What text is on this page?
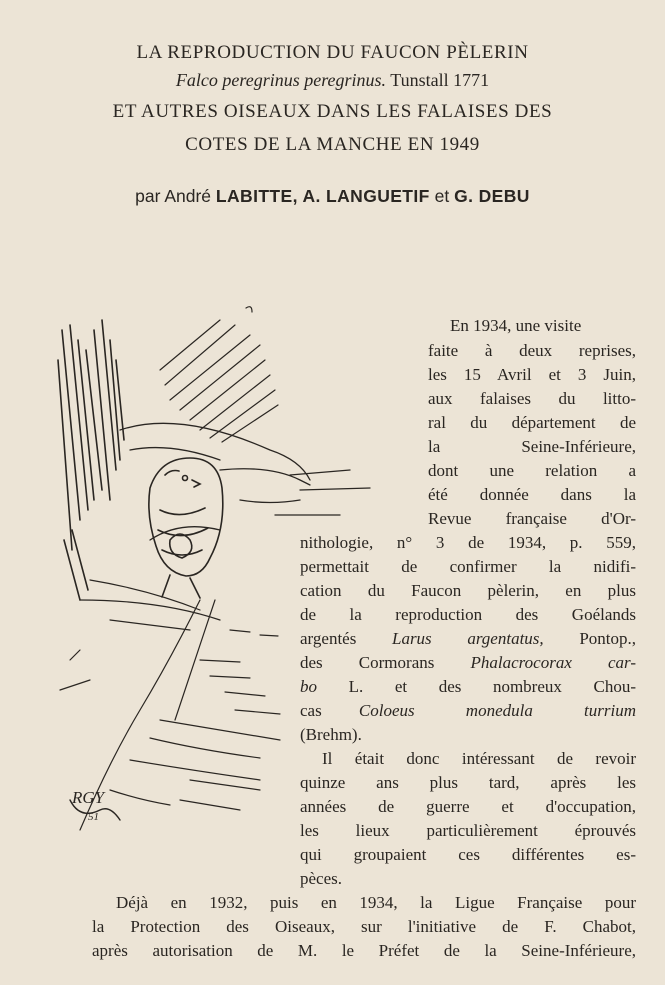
LA REPRODUCTION DU FAUCON PÈLERIN
Falco peregrinus peregrinus. Tunstall 1771
ET AUTRES OISEAUX DANS LES FALAISES DES
COTES DE LA MANCHE EN 1949
par André LABITTE, A. LANGUETIF et G. DEBU
RGY
51
En 1934, une visite
faite à deux reprises,
les 15 Avril et 3 Juin,
aux falaises du litto-
ral du département de
la Seine-Inférieure,
dont une relation a
été donnée dans la
Revue française d'Or-
nithologie, n° 3 de 1934, p. 559,
permettait de confirmer la nidifi-
cation du Faucon pèlerin, en plus
de la reproduction des Goélands
argentés Larus argentatus, Pontop.,
des Cormorans Phalacrocorax car-
bo L. et des nombreux Chou-
cas Coloeus monedula turrium
(Brehm).
Il était donc intéressant de revoir
quinze ans plus tard, après les
années de guerre et d'occupation,
les lieux particulièrement éprouvés
qui groupaient ces différentes es-
pèces.
Déjà en 1932, puis en 1934, la Ligue Française pour
la Protection des Oiseaux, sur l'initiative de F. Chabot,
après autorisation de M. le Préfet de la Seine-Inférieure,
